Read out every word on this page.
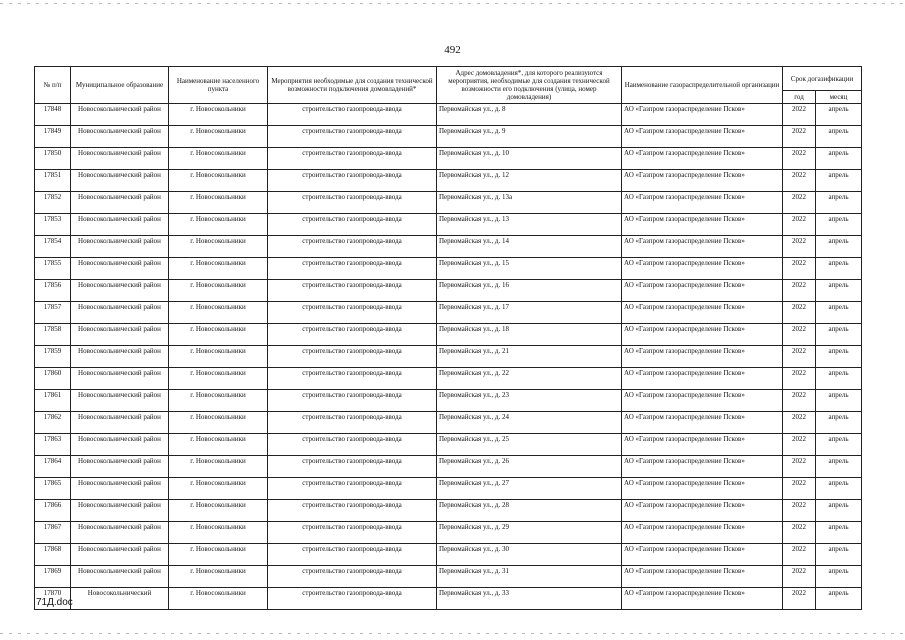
492
№ п/п	Муниципальное образование	Наименование населенного пункта	Мероприятия необходимые для создания технической возможности подключения домовладений*	Адрес домовладения*, для которого реализуются мероприятия, необходимые для создания технической возможности его подключения (улица, номер домовладения)	Наименование газораспределительной организации	Срок догазификации	
						год	месяц
17848	Новосокольнический район	г. Новосокольники	строительство газопровода-ввода	Первомайская ул., д. 8	АО «Газпром газораспределение Псков»	2022	апрель
17849	Новосокольнический район	г. Новосокольники	строительство газопровода-ввода	Первомайская ул., д. 9	АО «Газпром газораспределение Псков»	2022	апрель
17850	Новосокольнический район	г. Новосокольники	строительство газопровода-ввода	Первомайская ул., д. 10	АО «Газпром газораспределение Псков»	2022	апрель
17851	Новосокольнический район	г. Новосокольники	строительство газопровода-ввода	Первомайская ул., д. 12	АО «Газпром газораспределение Псков»	2022	апрель
17852	Новосокольнический район	г. Новосокольники	строительство газопровода-ввода	Первомайская ул., д. 13а	АО «Газпром газораспределение Псков»	2022	апрель
17853	Новосокольнический район	г. Новосокольники	строительство газопровода-ввода	Первомайская ул., д. 13	АО «Газпром газораспределение Псков»	2022	апрель
17854	Новосокольнический район	г. Новосокольники	строительство газопровода-ввода	Первомайская ул., д. 14	АО «Газпром газораспределение Псков»	2022	апрель
17855	Новосокольнический район	г. Новосокольники	строительство газопровода-ввода	Первомайская ул., д. 15	АО «Газпром газораспределение Псков»	2022	апрель
17856	Новосокольнический район	г. Новосокольники	строительство газопровода-ввода	Первомайская ул., д. 16	АО «Газпром газораспределение Псков»	2022	апрель
17857	Новосокольнический район	г. Новосокольники	строительство газопровода-ввода	Первомайская ул., д. 17	АО «Газпром газораспределение Псков»	2022	апрель
17858	Новосокольнический район	г. Новосокольники	строительство газопровода-ввода	Первомайская ул., д. 18	АО «Газпром газораспределение Псков»	2022	апрель
17859	Новосокольнический район	г. Новосокольники	строительство газопровода-ввода	Первомайская ул., д. 21	АО «Газпром газораспределение Псков»	2022	апрель
17860	Новосокольнический район	г. Новосокольники	строительство газопровода-ввода	Первомайская ул., д. 22	АО «Газпром газораспределение Псков»	2022	апрель
17861	Новосокольнический район	г. Новосокольники	строительство газопровода-ввода	Первомайская ул., д. 23	АО «Газпром газораспределение Псков»	2022	апрель
17862	Новосокольнический район	г. Новосокольники	строительство газопровода-ввода	Первомайская ул., д. 24	АО «Газпром газораспределение Псков»	2022	апрель
17863	Новосокольнический район	г. Новосокольники	строительство газопровода-ввода	Первомайская ул., д. 25	АО «Газпром газораспределение Псков»	2022	апрель
17864	Новосокольнический район	г. Новосокольники	строительство газопровода-ввода	Первомайская ул., д. 26	АО «Газпром газораспределение Псков»	2022	апрель
17865	Новосокольнический район	г. Новосокольники	строительство газопровода-ввода	Первомайская ул., д. 27	АО «Газпром газораспределение Псков»	2022	апрель
17866	Новосокольнический район	г. Новосокольники	строительство газопровода-ввода	Первомайская ул., д. 28	АО «Газпром газораспределение Псков»	2022	апрель
17867	Новосокольнический район	г. Новосокольники	строительство газопровода-ввода	Первомайская ул., д. 29	АО «Газпром газораспределение Псков»	2022	апрель
17868	Новосокольнический район	г. Новосокольники	строительство газопровода-ввода	Первомайская ул., д. 30	АО «Газпром газораспределение Псков»	2022	апрель
17869	Новосокольнический район	г. Новосокольники	строительство газопровода-ввода	Первомайская ул., д. 31	АО «Газпром газораспределение Псков»	2022	апрель
17870	Новосокольнический	г. Новосокольники	строительство газопровода-ввода	Первомайская ул., д. 33	АО «Газпром газораспределение Псков»	2022	апрель
71Д.doc
